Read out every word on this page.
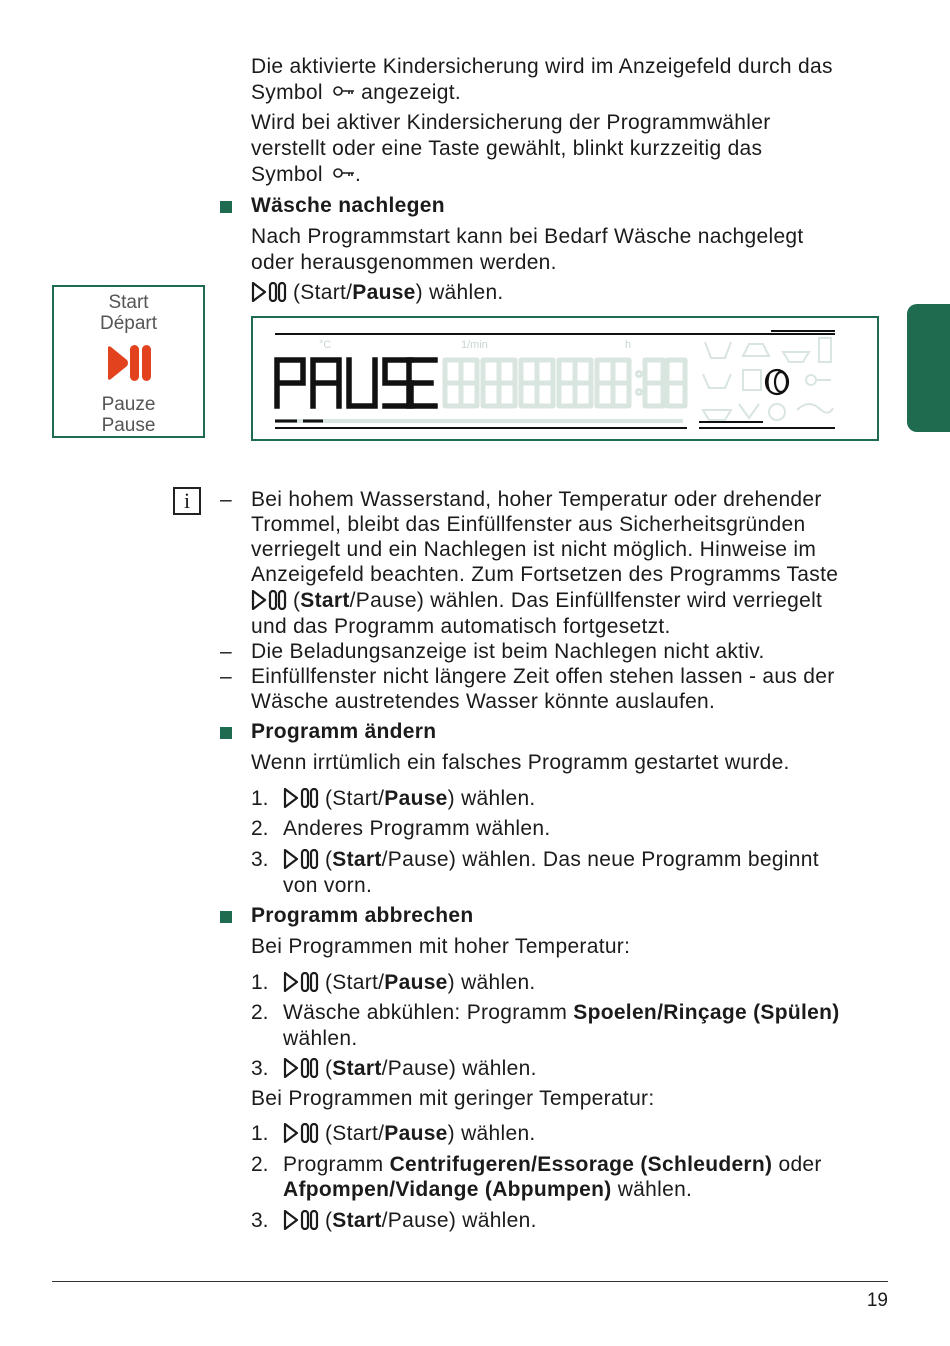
Die aktivierte Kindersicherung wird im Anzeigefeld durch das
Symbol angezeigt.
Wird bei aktiver Kindersicherung der Programmwähler
verstellt oder eine Taste gewählt, blinkt kurzzeitig das
Symbol .
Wäsche nachlegen
Nach Programmstart kann bei Bedarf Wäsche nachgelegt
oder herausgenommen werden.
(Start/Pause) wählen.
Start
Départ
Pauze
Pause
°C	1/min	h
PAUSE
i	– Bei hohem Wasserstand, hoher Temperatur oder drehender
Trommel, bleibt das Einfüllfenster aus Sicherheitsgründen
verriegelt und ein Nachlegen ist nicht möglich. Hinweise im
Anzeigefeld beachten. Zum Fortsetzen des Programms Taste
(Start/Pause) wählen. Das Einfüllfenster wird verriegelt
und das Programm automatisch fortgesetzt.
– Die Beladungsanzeige ist beim Nachlegen nicht aktiv.
– Einfüllfenster nicht längere Zeit offen stehen lassen - aus der
Wäsche austretendes Wasser könnte auslaufen.
Programm ändern
Wenn irrtümlich ein falsches Programm gestartet wurde.
1.	(Start/Pause) wählen.
2. Anderes Programm wählen.
3.	(Start/Pause) wählen. Das neue Programm beginnt
von vorn.
Programm abbrechen
Bei Programmen mit hoher Temperatur:
1.	(Start/Pause) wählen.
2. Wäsche abkühlen: Programm Spoelen/Rinçage (Spülen)
wählen.
3.	(Start/Pause) wählen.
Bei Programmen mit geringer Temperatur:
1.	(Start/Pause) wählen.
2. Programm Centrifugeren/Essorage (Schleudern) oder
Afpompen/Vidange (Abpumpen) wählen.
3.	(Start/Pause) wählen.
19
